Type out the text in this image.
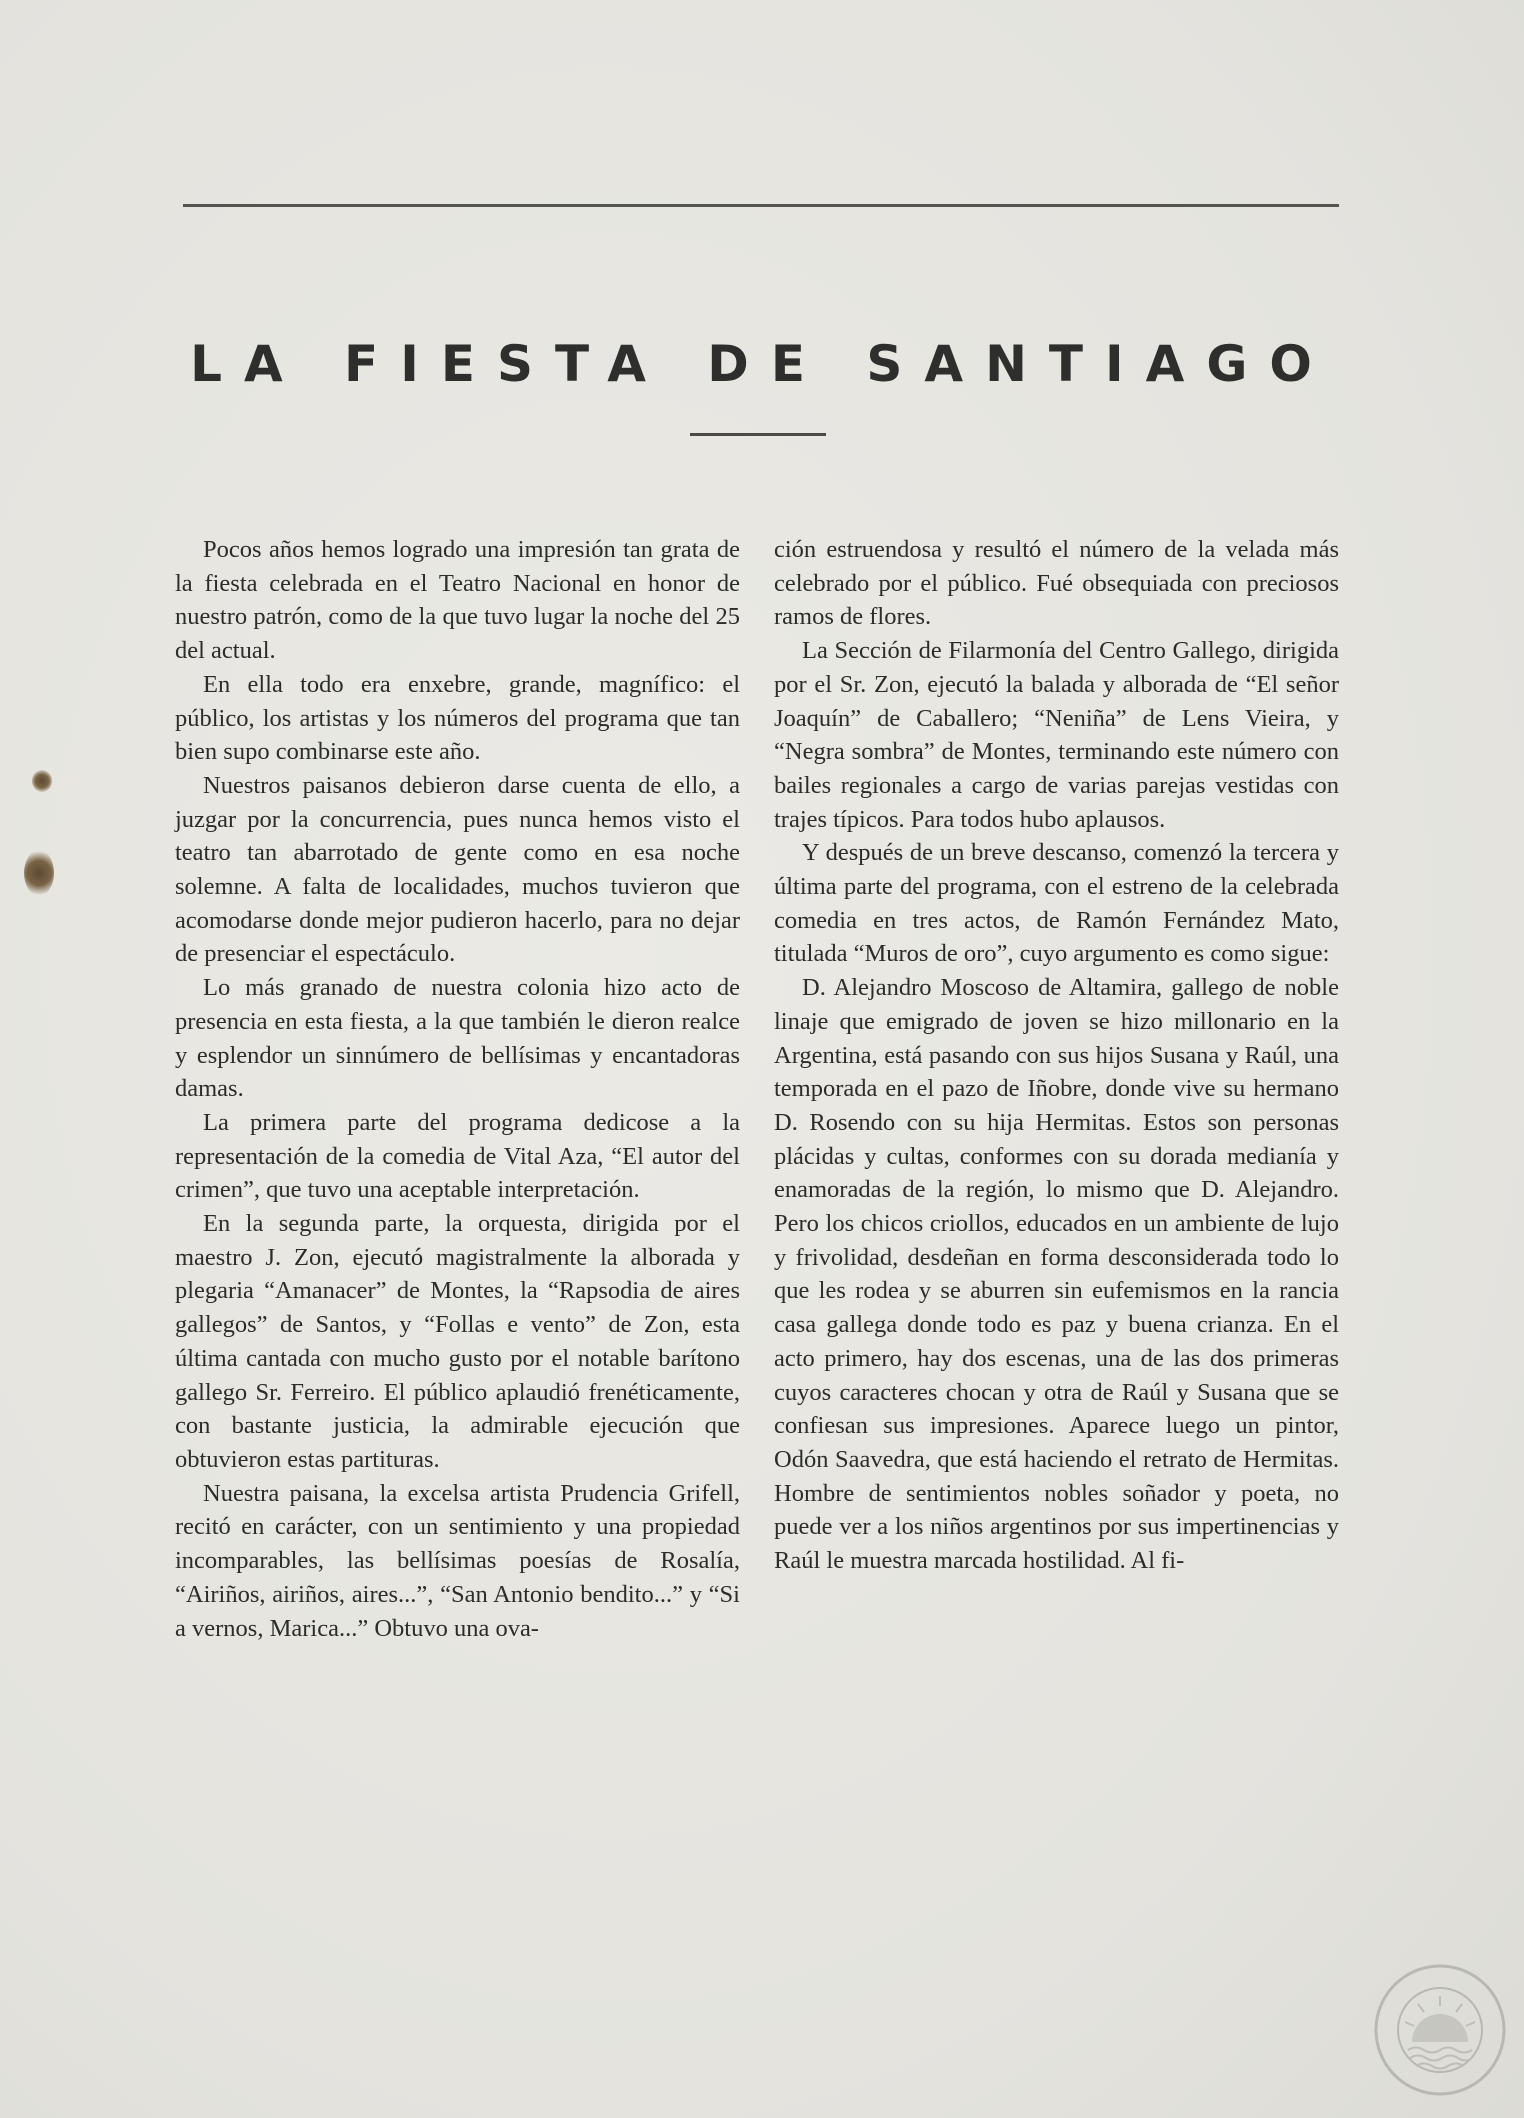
LA FIESTA DE SANTIAGO

Pocos años hemos logrado una impresión tan grata de la fiesta celebrada en el Teatro Nacional en honor de nuestro patrón, como de la que tuvo lugar la noche del 25 del actual.

En ella todo era enxebre, grande, magnífico: el público, los artistas y los números del programa que tan bien supo combinarse este año.

Nuestros paisanos debieron darse cuenta de ello, a juzgar por la concurrencia, pues nunca hemos visto el teatro tan abarrotado de gente como en esa noche solemne. A falta de localidades, muchos tuvieron que acomodarse donde mejor pudieron hacerlo, para no dejar de presenciar el espectáculo.

Lo más granado de nuestra colonia hizo acto de presencia en esta fiesta, a la que también le dieron realce y esplendor un sinnúmero de bellísimas y encantadoras damas.

La primera parte del programa dedicose a la representación de la comedia de Vital Aza, “El autor del crimen”, que tuvo una aceptable interpretación.

En la segunda parte, la orquesta, dirigida por el maestro J. Zon, ejecutó magistralmente la alborada y plegaria “Amanacer” de Montes, la “Rapsodia de aires gallegos” de Santos, y “Follas e vento” de Zon, esta última cantada con mucho gusto por el notable barítono gallego Sr. Ferreiro. El público aplaudió frenéticamente, con bastante justicia, la admirable ejecución que obtuvieron estas partituras.

Nuestra paisana, la excelsa artista Prudencia Grifell, recitó en carácter, con un sentimiento y una propiedad incomparables, las bellísimas poesías de Rosalía, “Airiños, airiños, aires...”, “San Antonio bendito...” y “Si a vernos, Marica...” Obtuvo una ova-

ción estruendosa y resultó el número de la velada más celebrado por el público. Fué obsequiada con preciosos ramos de flores.

La Sección de Filarmonía del Centro Gallego, dirigida por el Sr. Zon, ejecutó la balada y alborada de “El señor Joaquín” de Caballero; “Neniña” de Lens Vieira, y “Negra sombra” de Montes, terminando este número con bailes regionales a cargo de varias parejas vestidas con trajes típicos. Para todos hubo aplausos.

Y después de un breve descanso, comenzó la tercera y última parte del programa, con el estreno de la celebrada comedia en tres actos, de Ramón Fernández Mato, titulada “Muros de oro”, cuyo argumento es como sigue:

D. Alejandro Moscoso de Altamira, gallego de noble linaje que emigrado de joven se hizo millonario en la Argentina, está pasando con sus hijos Susana y Raúl, una temporada en el pazo de Iñobre, donde vive su hermano D. Rosendo con su hija Hermitas. Estos son personas plácidas y cultas, conformes con su dorada medianía y enamoradas de la región, lo mismo que D. Alejandro. Pero los chicos criollos, educados en un ambiente de lujo y frivolidad, desdeñan en forma desconsiderada todo lo que les rodea y se aburren sin eufemismos en la rancia casa gallega donde todo es paz y buena crianza. En el acto primero, hay dos escenas, una de las dos primeras cuyos caracteres chocan y otra de Raúl y Susana que se confiesan sus impresiones. Aparece luego un pintor, Odón Saavedra, que está haciendo el retrato de Hermitas. Hombre de sentimientos nobles soñador y poeta, no puede ver a los niños argentinos por sus impertinencias y Raúl le muestra marcada hostilidad. Al fi-
